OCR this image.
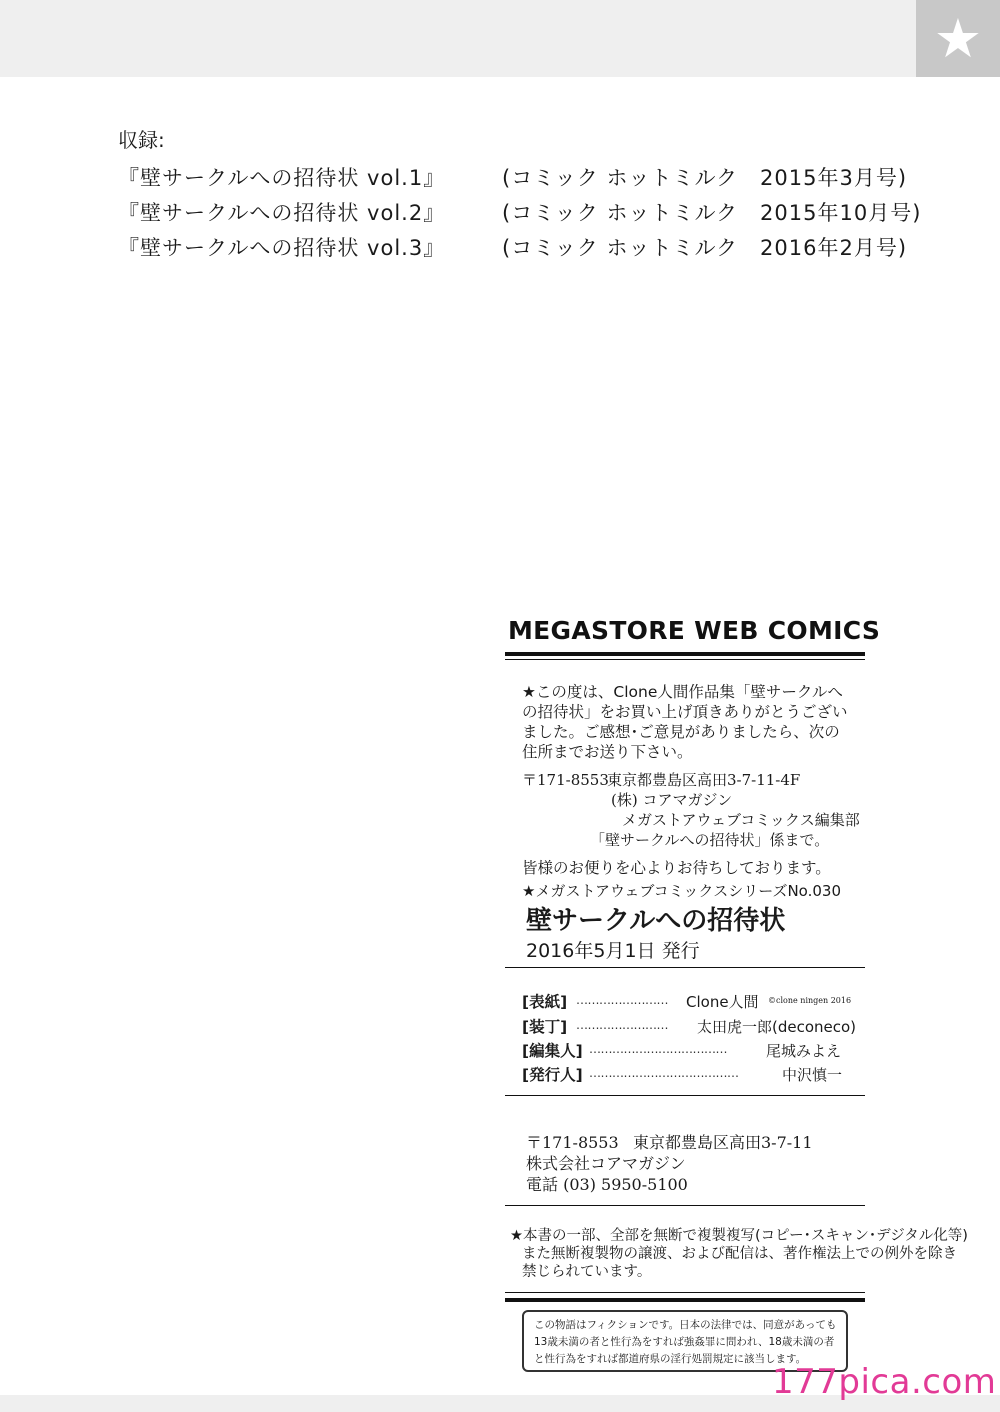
★
収録:
『壁サークルへの招待状 vol.1』	(コミック ホットミルク　2015年3月号)
『壁サークルへの招待状 vol.2』	(コミック ホットミルク　2015年10月号)
『壁サークルへの招待状 vol.3』	(コミック ホットミルク　2016年2月号)
MEGASTORE WEB COMICS
★この度は、Clone人間作品集「壁サークルへ
の招待状」をお買い上げ頂きありがとうござい
ました。ご感想･ご意見がありましたら、次の
住所までお送り下さい。
〒171-8553
東京都豊島区高田3-7-11-4F
(株) コアマガジン
メガストアウェブコミックス編集部
「壁サークルへの招待状」係まで。
皆様のお便りを心よりお待ちしております。
★メガストアウェブコミックスシリーズNo.030
壁サークルへの招待状
2016年5月1日 発行
[表紙] …………………… Clone人間 ©clone ningen 2016
[装丁] …………………… 太田虎一郎(deconeco)
[編集人] ………………………………	尾城みよえ
[発行人] …………………………………	中沢慎一
〒171-8553 東京都豊島区高田3-7-11
株式会社コアマガジン
電話 (03) 5950-5100
★本書の一部、全部を無断で複製複写(コピー･スキャン･デジタル化等)
また無断複製物の譲渡、および配信は、著作権法上での例外を除き
禁じられています。
この物語はフィクションです。日本の法律では、同意があっても
13歳未満の者と性行為をすれば強姦罪に問われ、18歳未満の者
と性行為をすれば都道府県の淫行処罰規定に該当します。
177pica.com
